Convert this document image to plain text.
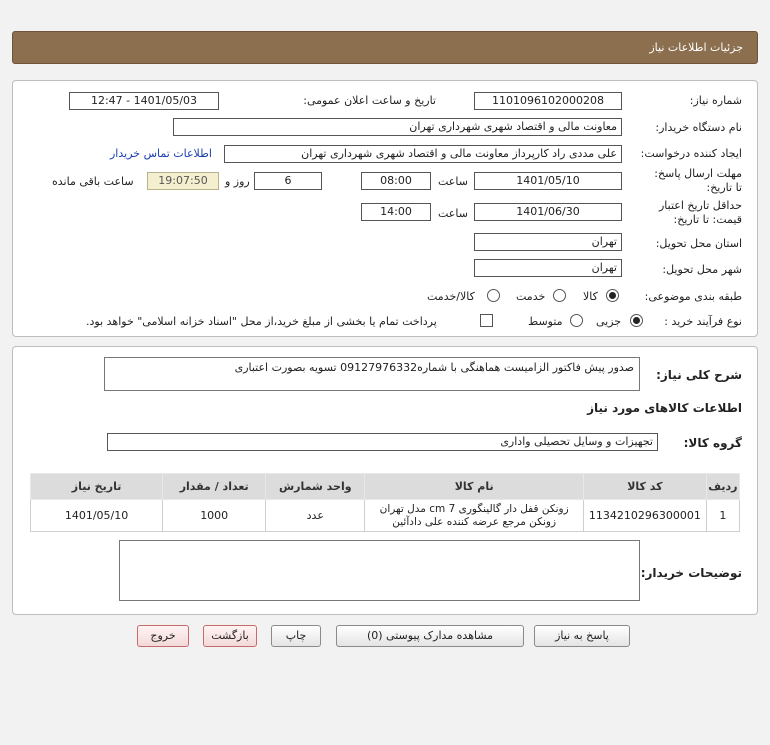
جزئیات اطلاعات نیاز
شماره نیاز:
1101096102000208
تاریخ و ساعت اعلان عمومی:
1401/05/03 - 12:47
نام دستگاه خریدار:
معاونت مالی و اقتصاد شهری شهرداری تهران
ایجاد کننده درخواست:
علی مددی راد کارپرداز معاونت مالی و اقتصاد شهری شهرداری تهران
اطلاعات تماس خریدار
مهلت ارسال پاسخ: تا تاریخ:
1401/05/10
ساعت
08:00
6
روز و
19:07:50
ساعت باقی مانده
حداقل تاریخ اعتبار قیمت: تا تاریخ:
1401/06/30
ساعت
14:00
استان محل تحویل:
تهران
شهر محل تحویل:
تهران
طبقه بندی موضوعی:
کالا
خدمت
کالا/خدمت
نوع فرآیند خرید :
جزیی
متوسط
پرداخت تمام یا بخشی از مبلغ خرید،از محل "اسناد خزانه اسلامی" خواهد بود.
شرح کلی نیاز:
صدور پیش فاکتور الزامیست هماهنگی با شماره09127976332 تسویه بصورت اعتباری
اطلاعات کالاهای مورد نیاز
گروه کالا:
تجهیزات و وسایل تحصیلی واداری
ردیف	کد کالا	نام کالا	واحد شمارش	تعداد / مقدار	تاریخ نیاز
1	1134210296300001	زونکن قفل دار گالینگوری cm 7 مدل تهران زونکن مرجع عرضه کننده علی دادآئین	عدد	1000	1401/05/10
توضیحات خریدار:
پاسخ به نیاز
مشاهده مدارک پیوستی (0)
چاپ
بازگشت
خروج
